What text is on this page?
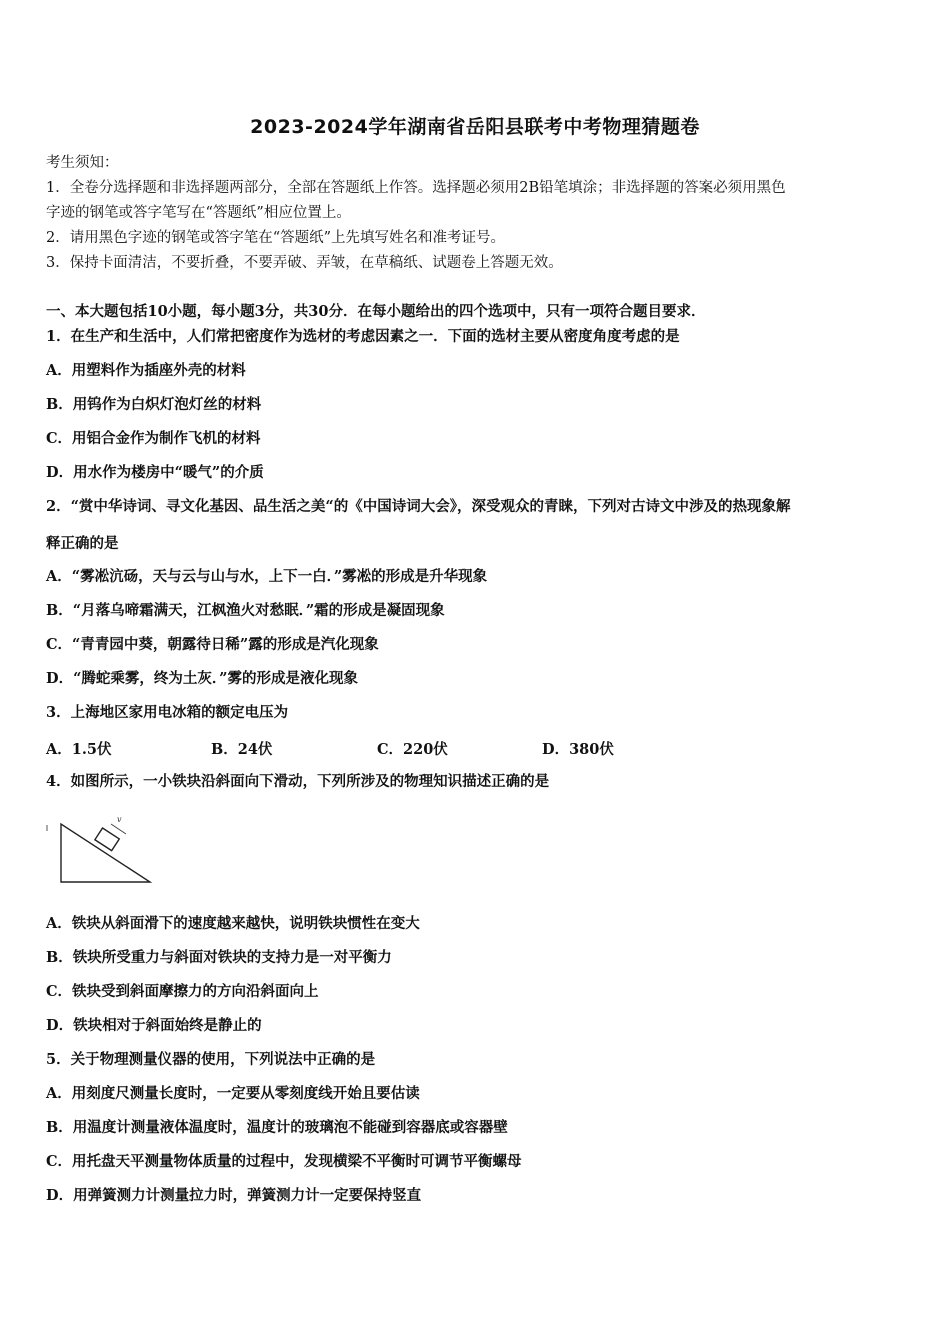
2023-2024学年湖南省岳阳县联考中考物理猜题卷
考生须知：
1．全卷分选择题和非选择题两部分，全部在答题纸上作答。选择题必须用2B铅笔填涂；非选择题的答案必须用黑色
字迹的钢笔或答字笔写在“答题纸”相应位置上。
2．请用黑色字迹的钢笔或答字笔在“答题纸”上先填写姓名和准考证号。
3．保持卡面清洁，不要折叠，不要弄破、弄皱，在草稿纸、试题卷上答题无效。
一、本大题包括10小题，每小题3分，共30分．在每小题给出的四个选项中，只有一项符合题目要求．
1．在生产和生活中，人们常把密度作为选材的考虑因素之一．下面的选材主要从密度角度考虑的是
A．用塑料作为插座外壳的材料
B．用钨作为白炽灯泡灯丝的材料
C．用铝合金作为制作飞机的材料
D．用水作为楼房中“暖气”的介质
2．“赏中华诗词、寻文化基因、品生活之美“的《中国诗词大会》，深受观众的青睐，下列对古诗文中涉及的热现象解
释正确的是
A．“雾凇沆砀，天与云与山与水，上下一白．”雾凇的形成是升华现象
B．“月落乌啼霜满天，江枫渔火对愁眠．”霜的形成是凝固现象
C．“青青园中葵，朝露待日稀”露的形成是汽化现象
D．“腾蛇乘雾，终为土灰．”雾的形成是液化现象
3．上海地区家用电冰箱的额定电压为
A．1.5伏	B．24伏	C．220伏	D．380伏
4．如图所示，一小铁块沿斜面向下滑动，下列所涉及的物理知识描述正确的是
v
A．铁块从斜面滑下的速度越来越快，说明铁块惯性在变大
B．铁块所受重力与斜面对铁块的支持力是一对平衡力
C．铁块受到斜面摩擦力的方向沿斜面向上
D．铁块相对于斜面始终是静止的
5．关于物理测量仪器的使用，下列说法中正确的是
A．用刻度尺测量长度时，一定要从零刻度线开始且要估读
B．用温度计测量液体温度时，温度计的玻璃泡不能碰到容器底或容器壁
C．用托盘天平测量物体质量的过程中，发现横梁不平衡时可调节平衡螺母
D．用弹簧测力计测量拉力时，弹簧测力计一定要保持竖直
